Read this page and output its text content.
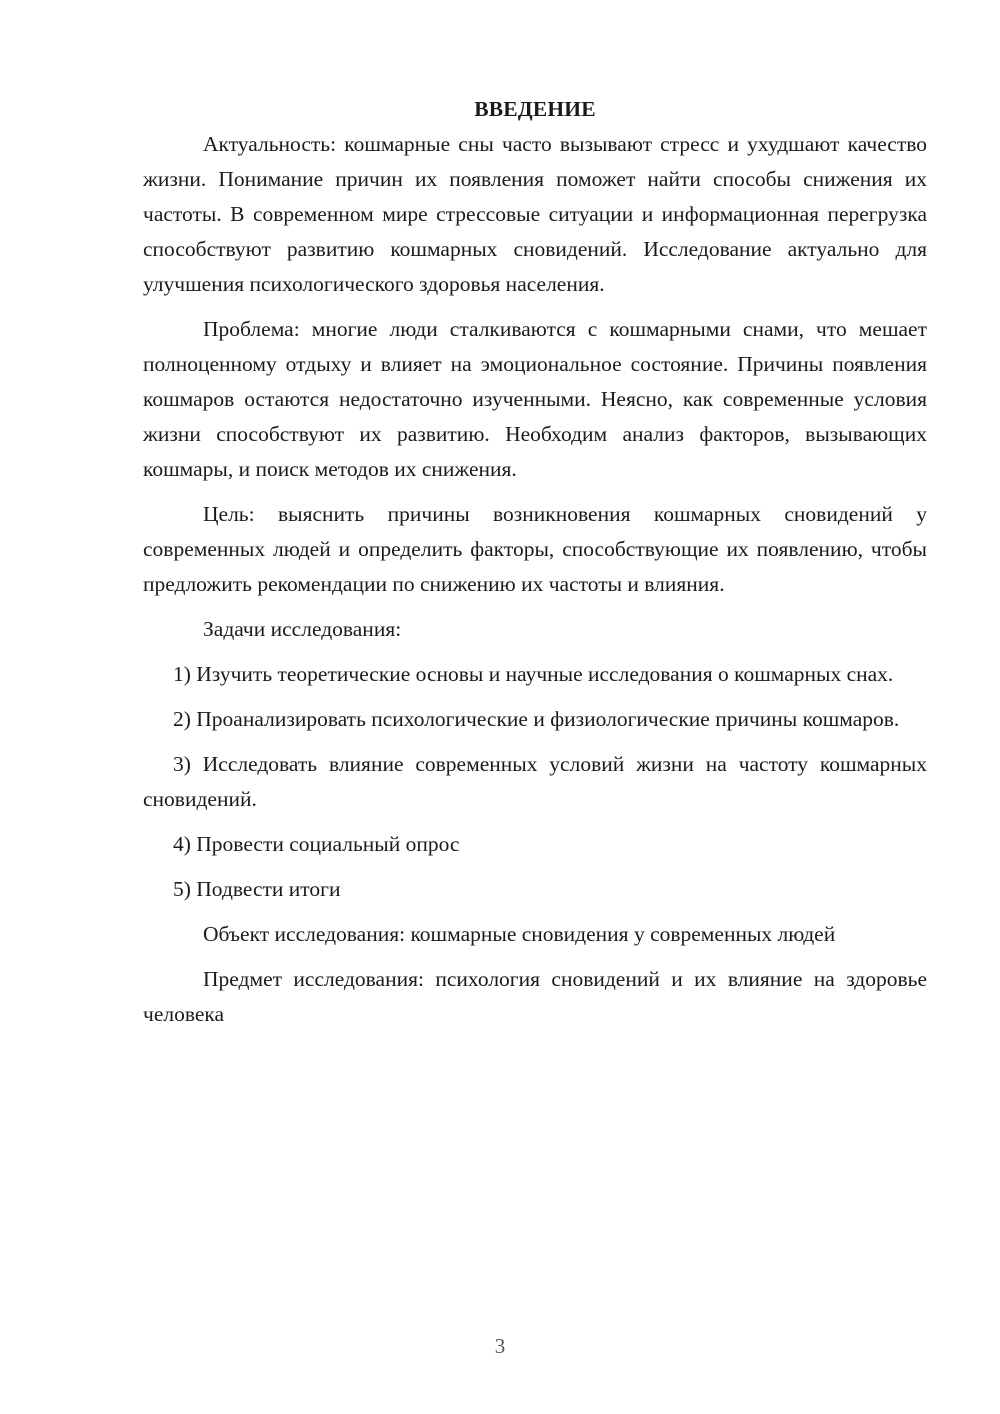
ВВЕДЕНИЕ

Актуальность: кошмарные сны часто вызывают стресс и ухудшают качество жизни. Понимание причин их появления поможет найти способы снижения их частоты. В современном мире стрессовые ситуации и информационная перегрузка способствуют развитию кошмарных сновидений. Исследование актуально для улучшения психологического здоровья населения.

Проблема: многие люди сталкиваются с кошмарными снами, что мешает полноценному отдыху и влияет на эмоциональное состояние. Причины появления кошмаров остаются недостаточно изученными. Неясно, как современные условия жизни способствуют их развитию. Необходим анализ факторов, вызывающих кошмары, и поиск методов их снижения.

Цель: выяснить причины возникновения кошмарных сновидений у современных людей и определить факторы, способствующие их появлению, чтобы предложить рекомендации по снижению их частоты и влияния.

Задачи исследования:

1) Изучить теоретические основы и научные исследования о кошмарных снах.

2) Проанализировать психологические и физиологические причины кошмаров.

3) Исследовать влияние современных условий жизни на частоту кошмарных сновидений.

4) Провести социальный опрос

5) Подвести итоги

Объект исследования: кошмарные сновидения у современных людей

Предмет исследования: психология сновидений и их влияние на здоровье человека

3
